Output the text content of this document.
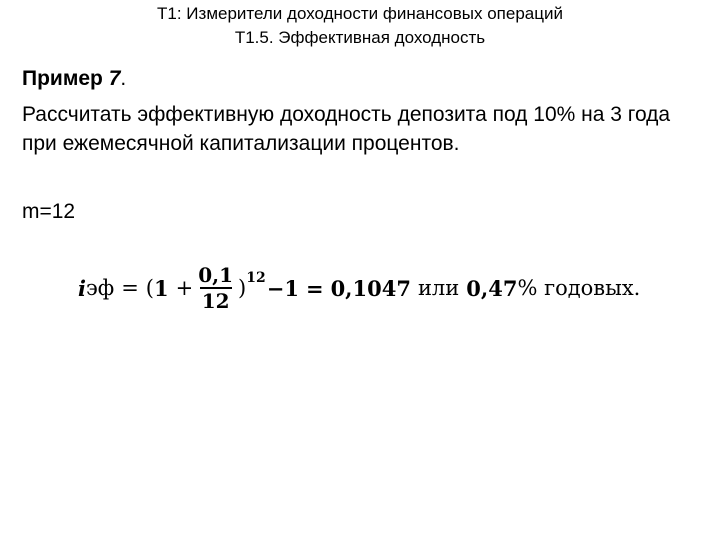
Т1: Измерители доходности финансовых операций
Т1.5. Эффективная доходность
Пример 7.
Рассчитать эффективную доходность депозита под 10% на 3 года
при ежемесячной капитализации процентов.
m=12
i эф = ( $1 + \frac{0,1}{12}$ ) 12 − 1 = 0,1047 или 0,47 % годовых.
